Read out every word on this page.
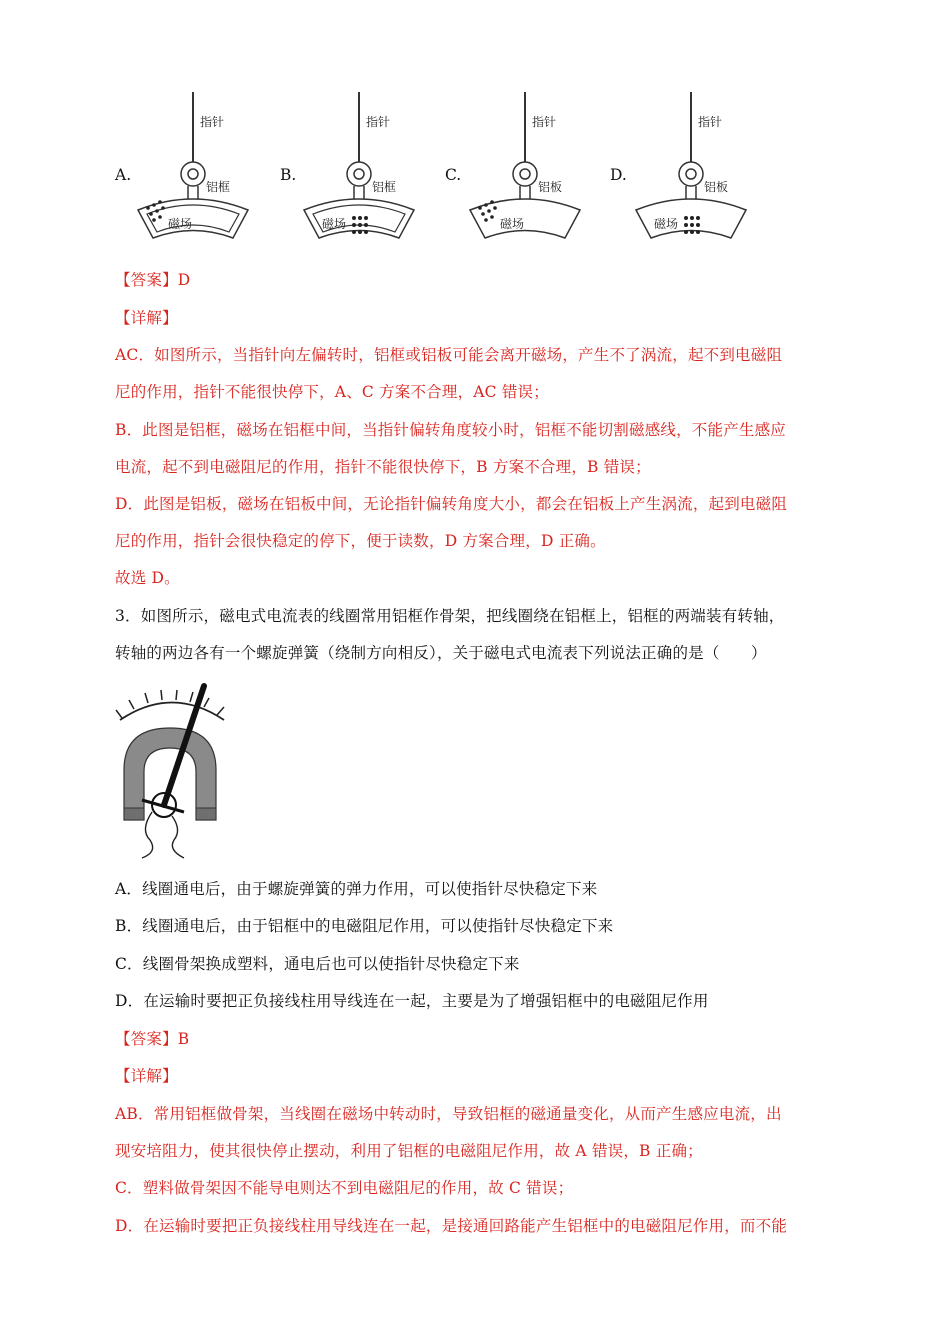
A.
指针
铝框
磁场
B.
指针
铝框
磁场
C.
指针
铝板
磁场
D.
指针
铝板
磁场
【答案】D
【详解】
AC．如图所示，当指针向左偏转时，铝框或铝板可能会离开磁场，产生不了涡流，起不到电磁阻
尼的作用，指针不能很快停下，A、C 方案不合理，AC 错误；
B．此图是铝框，磁场在铝框中间，当指针偏转角度较小时，铝框不能切割磁感线，不能产生感应
电流，起不到电磁阻尼的作用，指针不能很快停下，B 方案不合理，B 错误；
D．此图是铝板，磁场在铝板中间，无论指针偏转角度大小，都会在铝板上产生涡流，起到电磁阻
尼的作用，指针会很快稳定的停下，便于读数，D 方案合理，D 正确。
故选 D。
3．如图所示，磁电式电流表的线圈常用铝框作骨架，把线圈绕在铝框上，铝框的两端装有转轴，
转轴的两边各有一个螺旋弹簧（绕制方向相反），关于磁电式电流表下列说法正确的是（　　）
A．线圈通电后，由于螺旋弹簧的弹力作用，可以使指针尽快稳定下来
B．线圈通电后，由于铝框中的电磁阻尼作用，可以使指针尽快稳定下来
C．线圈骨架换成塑料，通电后也可以使指针尽快稳定下来
D．在运输时要把正负接线柱用导线连在一起，主要是为了增强铝框中的电磁阻尼作用
【答案】B
【详解】
AB．常用铝框做骨架，当线圈在磁场中转动时，导致铝框的磁通量变化，从而产生感应电流，出
现安培阻力，使其很快停止摆动，利用了铝框的电磁阻尼作用，故 A 错误，B 正确；
C．塑料做骨架因不能导电则达不到电磁阻尼的作用，故 C 错误；
D．在运输时要把正负接线柱用导线连在一起，是接通回路能产生铝框中的电磁阻尼作用，而不能
